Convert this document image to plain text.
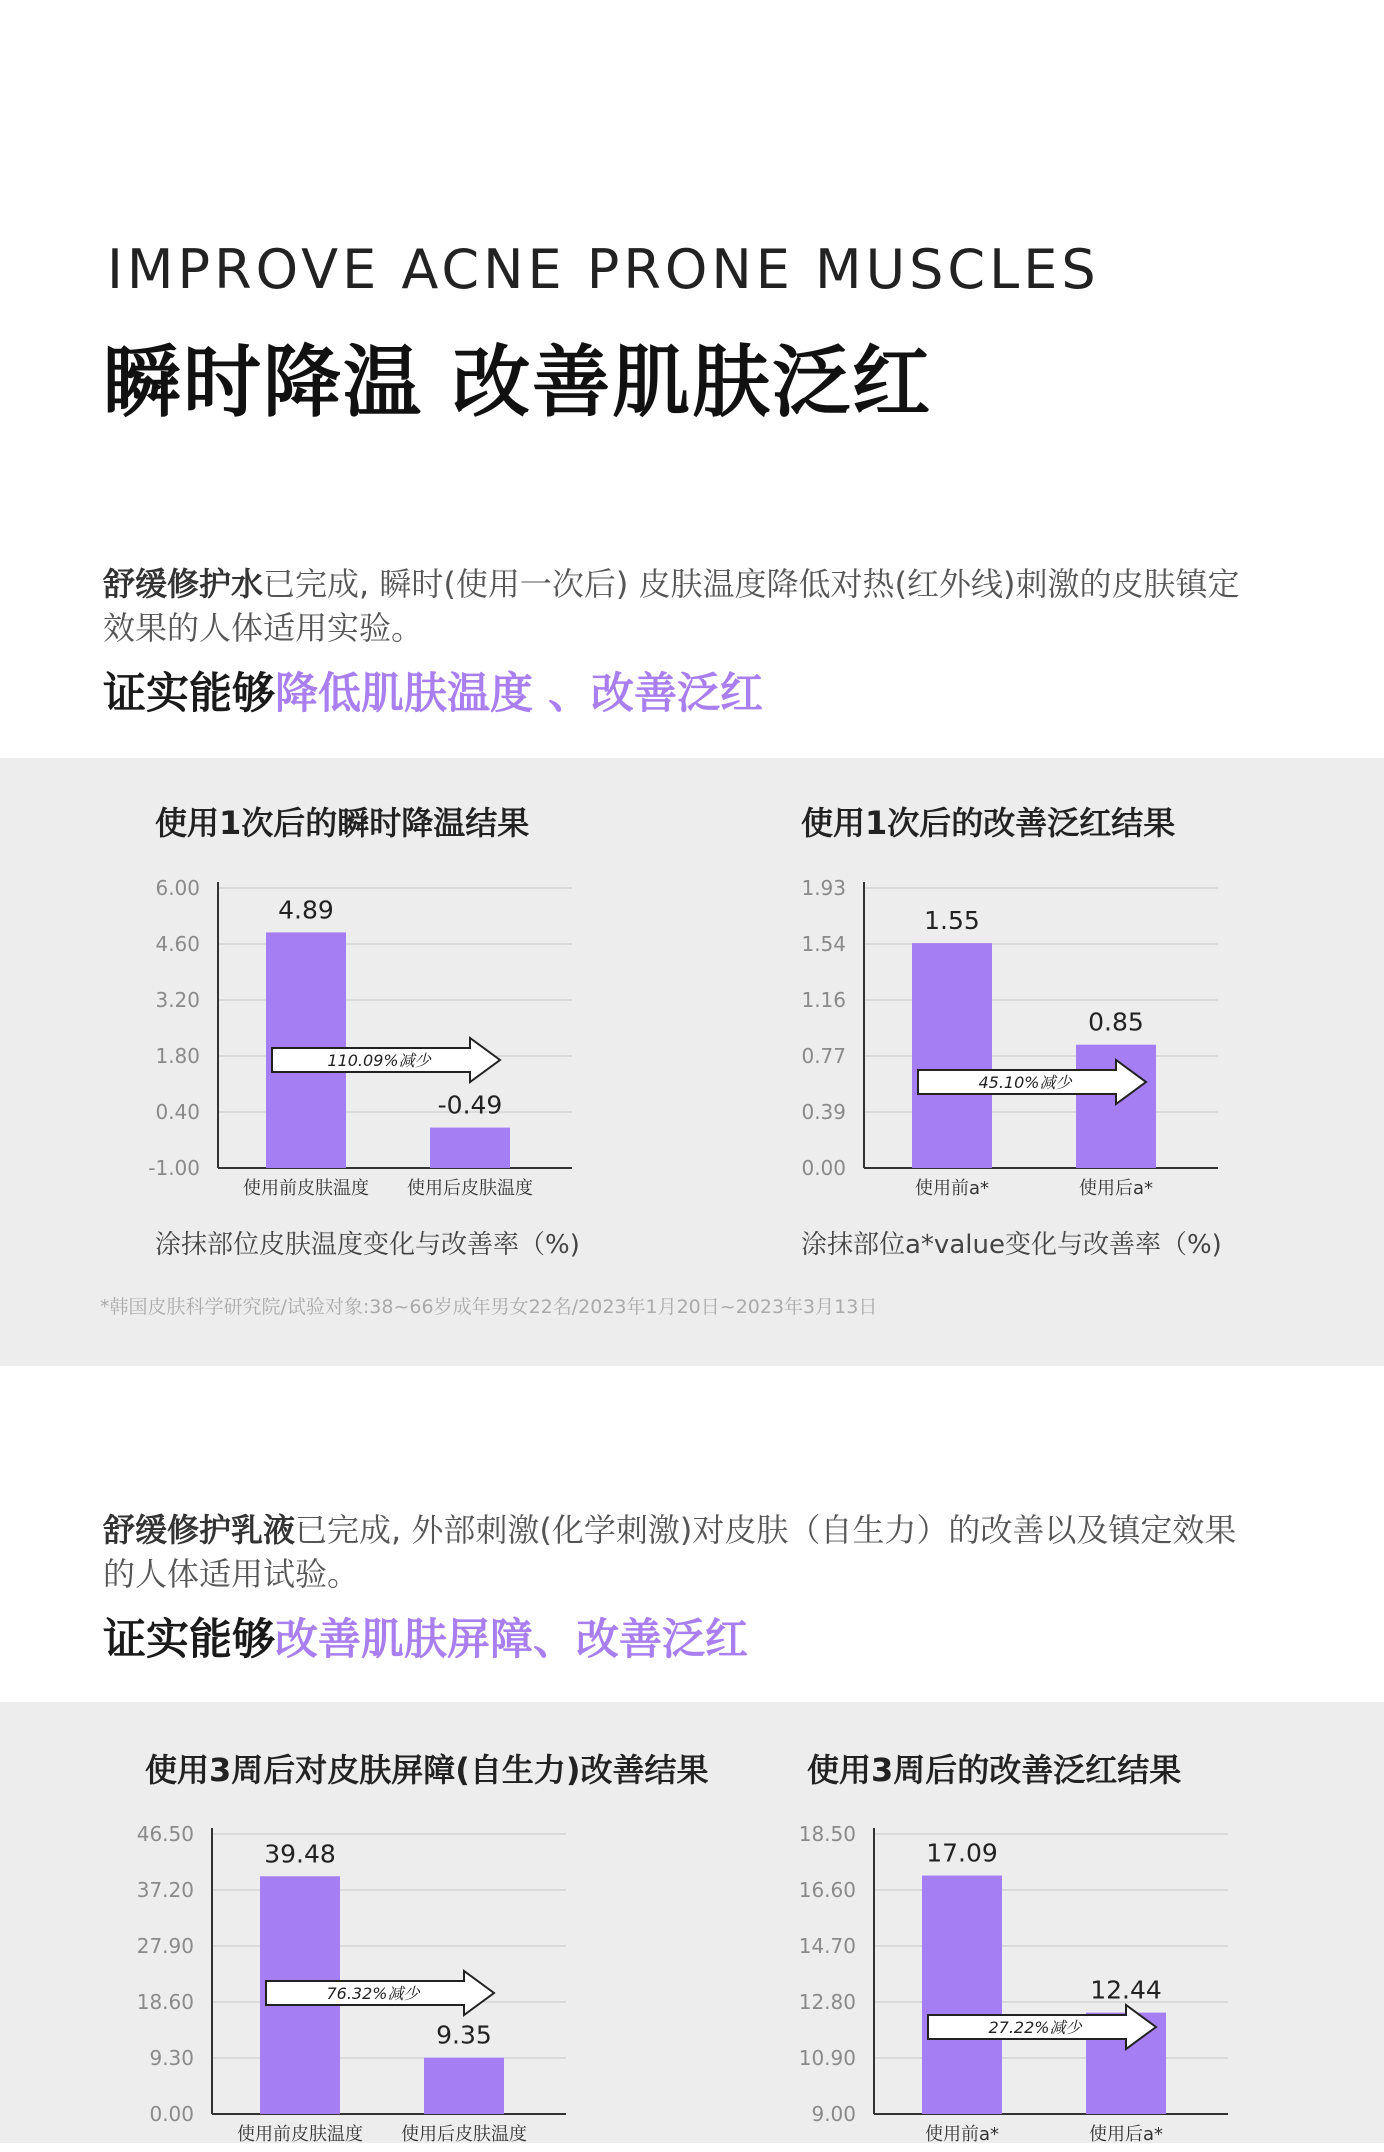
IMPROVE ACNE PRONE MUSCLES
瞬时降温 改善肌肤泛红
舒缓修护水已完成, 瞬时(使用一次后) 皮肤温度降低对热(红外线)刺激的皮肤镇定效果的人体适用实验。
证实能够降低肌肤温度 、改善泛红
使用1次后的瞬时降温结果
6.00
4.60
3.20
1.80
0.40
-1.00
4.89
使用前皮肤温度
-0.49
使用后皮肤温度
110.09%减少
涂抹部位皮肤温度变化与改善率（%)
使用1次后的改善泛红结果
1.93
1.54
1.16
0.77
0.39
0.00
1.55
使用前a*
0.85
使用后a*
45.10%减少
涂抹部位a*value变化与改善率（%)
*韩国皮肤科学研究院/试验对象:38~66岁成年男女22名/2023年1月20日~2023年3月13日
舒缓修护乳液已完成, 外部刺激(化学刺激)对皮肤（自生力）的改善以及镇定效果的人体适用试验。
证实能够改善肌肤屏障、改善泛红
使用3周后对皮肤屏障(自生力)改善结果
46.50
37.20
27.90
18.60
9.30
0.00
39.48
使用前皮肤温度
9.35
使用后皮肤温度
76.32%减少
使用3周后的改善泛红结果
18.50
16.60
14.70
12.80
10.90
9.00
17.09
使用前a*
12.44
使用后a*
27.22%减少
